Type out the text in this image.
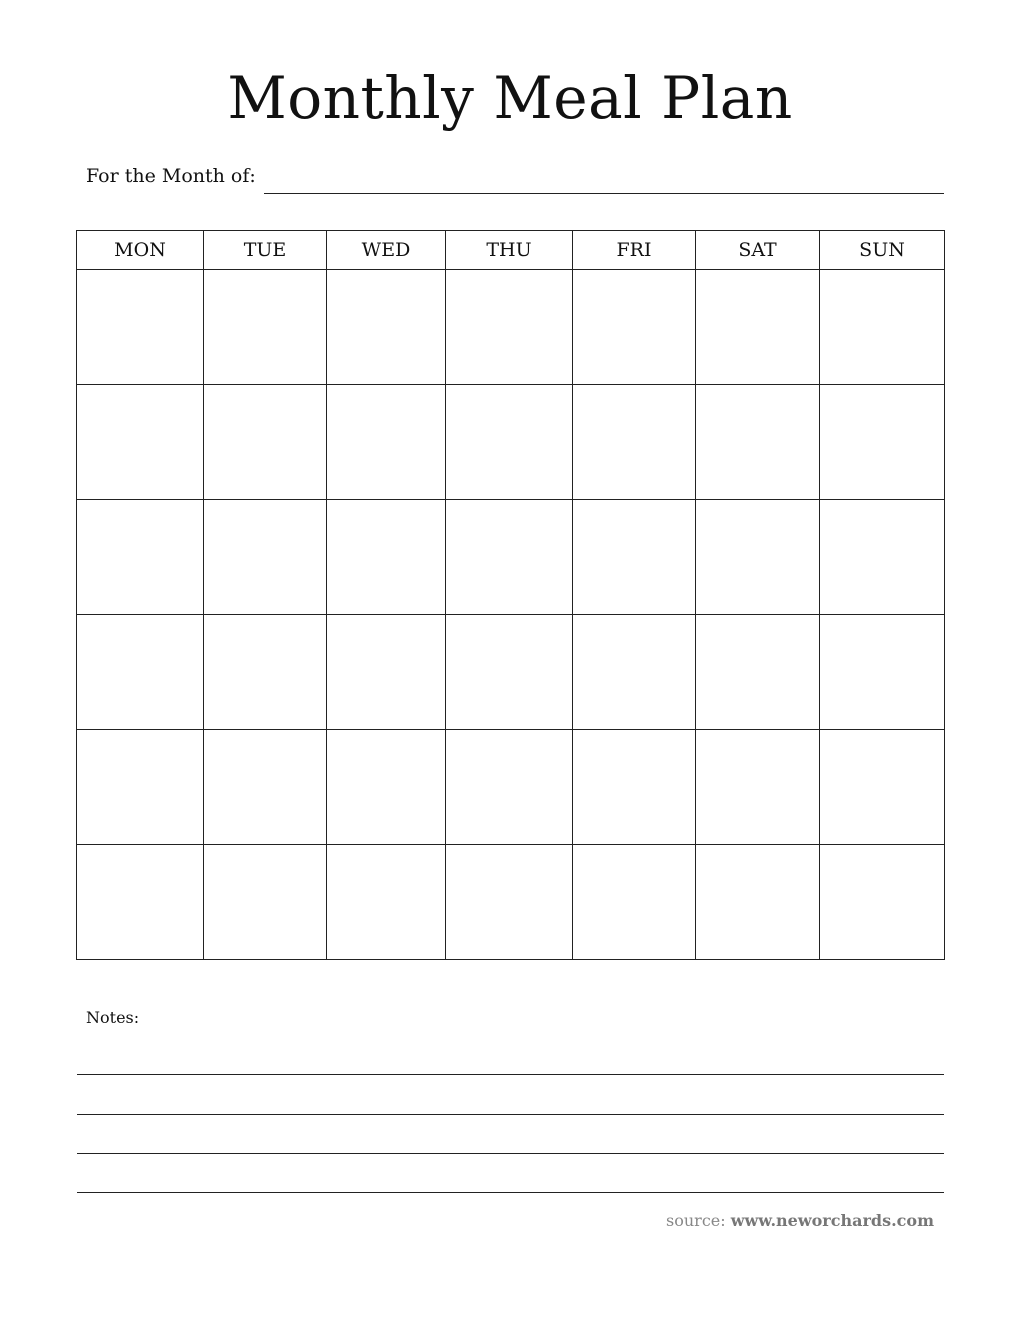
Monthly Meal Plan
For the Month of:
MON	TUE	WED	THU	FRI	SAT	SUN

Notes:
source: www.neworchards.com
